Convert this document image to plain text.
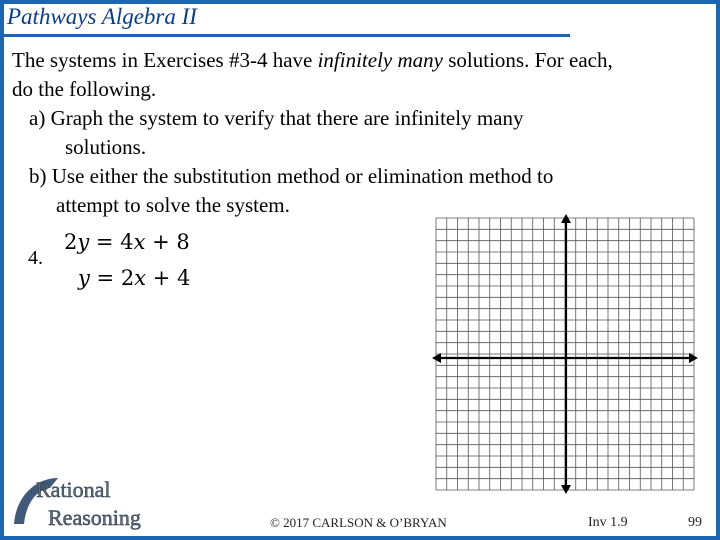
Pathways Algebra II
The systems in Exercises #3-4 have infinitely many solutions. For each,
do the following.
a) Graph the system to verify that there are infinitely many
solutions.
b) Use either the substitution method or elimination method to
attempt to solve the system.
4.
2y = 4x + 8
y = 2x + 4
Rational
Reasoning	© 2017 CARLSON & O’BRYAN	Inv 1.9	99
